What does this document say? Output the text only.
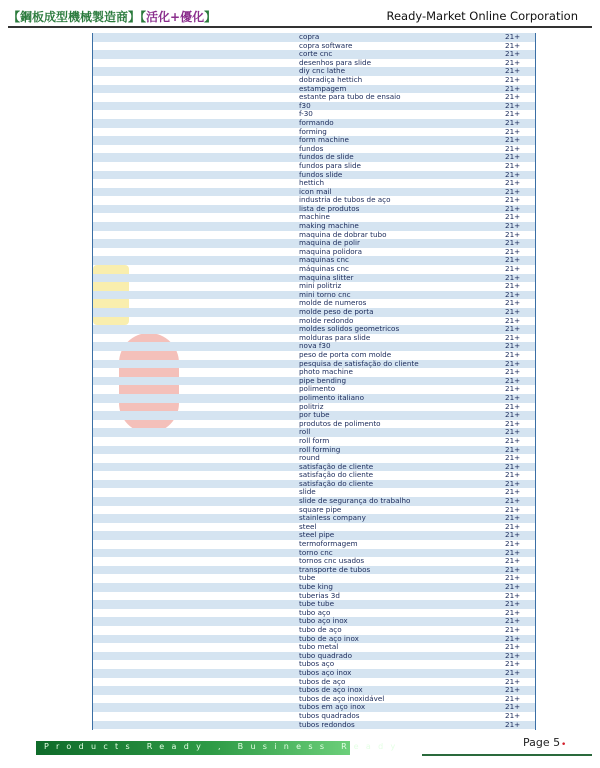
【鋼板成型機械製造商】【活化+優化】	Ready-Market Online Corporation
copra	21+
copra software	21+
corte cnc	21+
desenhos para slide	21+
diy cnc lathe	21+
dobradiça hettich	21+
estampagem	21+
estante para tubo de ensaio	21+
f30	21+
f-30	21+
formando	21+
forming	21+
form machine	21+
fundos	21+
fundos de slide	21+
fundos para slide	21+
fundos slide	21+
hettich	21+
icon mail	21+
industria de tubos de aço	21+
lista de produtos	21+
machine	21+
making machine	21+
maquina de dobrar tubo	21+
maquina de polir	21+
maquina polidora	21+
maquinas cnc	21+
máquinas cnc	21+
maquina slitter	21+
mini politriz	21+
mini torno cnc	21+
molde de numeros	21+
molde peso de porta	21+
molde redondo	21+
moldes solidos geometricos	21+
molduras para slide	21+
nova f30	21+
peso de porta com molde	21+
pesquisa de satisfação do cliente	21+
photo machine	21+
pipe bending	21+
polimento	21+
polimento italiano	21+
politriz	21+
por tube	21+
produtos de polimento	21+
roll	21+
roll form	21+
roll forming	21+
round	21+
satisfação de cliente	21+
satisfação do cliente	21+
satisfação do cliente	21+
slide	21+
slide de segurança do trabalho	21+
square pipe	21+
stainless company	21+
steel	21+
steel pipe	21+
termoformagem	21+
torno cnc	21+
tornos cnc usados	21+
transporte de tubos	21+
tube	21+
tube king	21+
tuberias 3d	21+
tube tube	21+
tubo aço	21+
tubo aço inox	21+
tubo de aço	21+
tubo de aço inox	21+
tubo metal	21+
tubo quadrado	21+
tubos aço	21+
tubos aço inox	21+
tubos de aço	21+
tubos de aço inox	21+
tubos de aço inoxidável	21+
tubos em aço inox	21+
tubos quadrados	21+
tubos redondos	21+
Products Ready , Business Ready	Page 5 •
